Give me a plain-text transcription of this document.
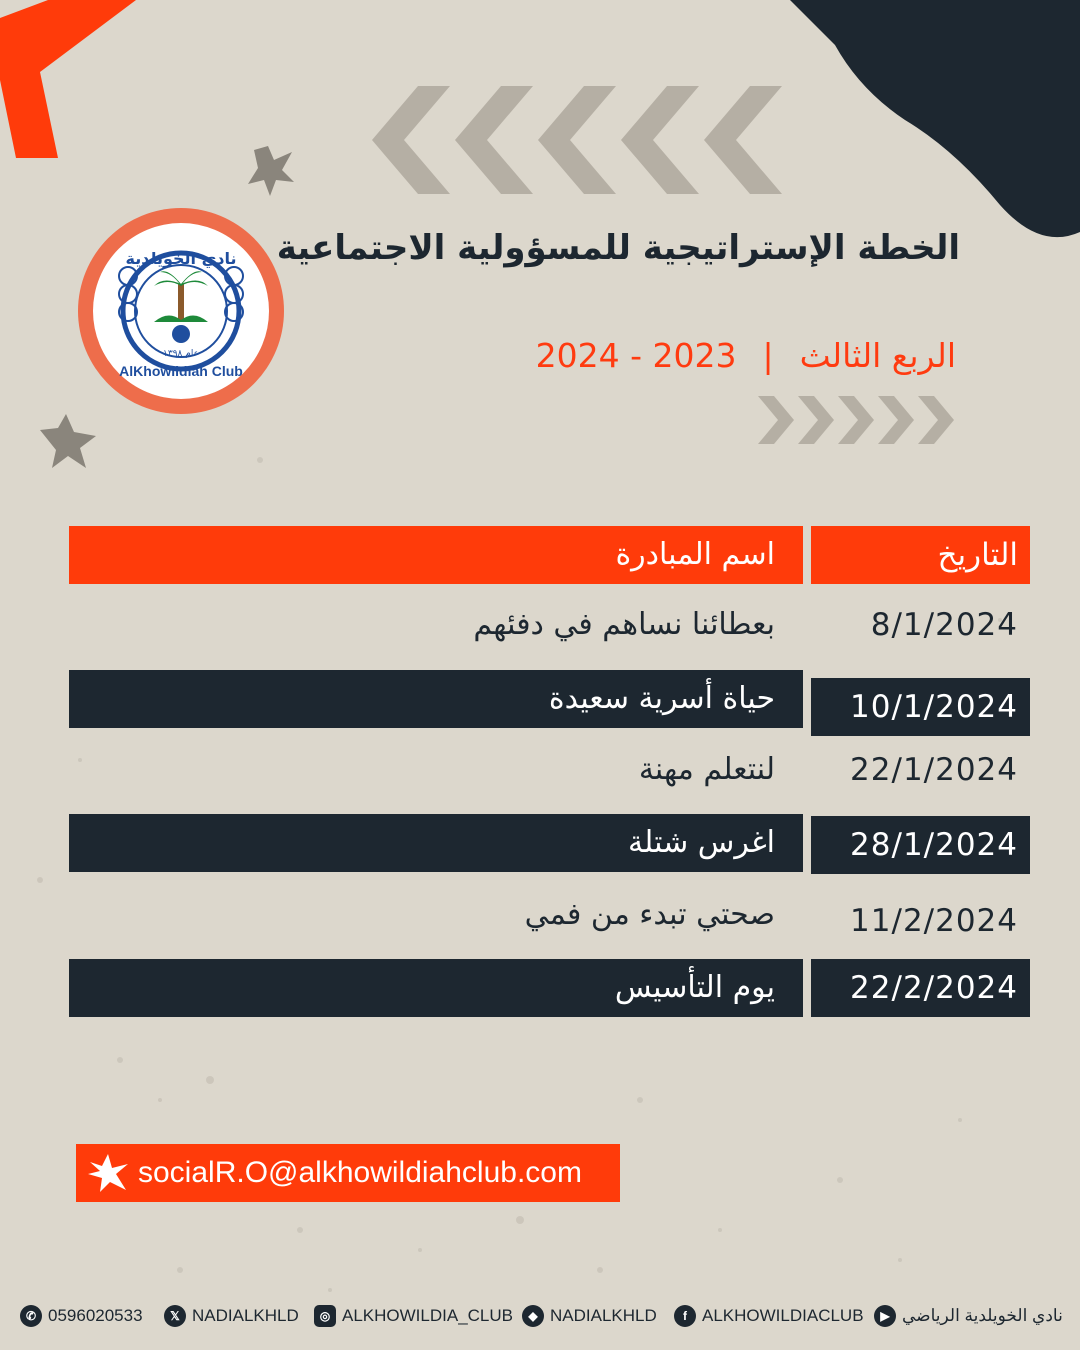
نادي الخويلدية
عام ١٣٩٨
AlKhowildiah Club
الخطة الإستراتيجية للمسؤولية الاجتماعية
الربع الثالث|2023 - 2024
اسم المبادرة	التاريخ
بعطائنا نساهم في دفئهم	8/1/2024
حياة أسرية سعيدة	10/1/2024
لنتعلم مهنة	22/1/2024
اغرس شتلة	28/1/2024
صحتي تبدء من فمي	11/2/2024
يوم التأسيس	22/2/2024
socialR.O@alkhowildiahclub.com
✆ 0596020533	𝕏 NADIALKHLD	◎ ALKHOWILDIA_CLUB	◆ NADIALKHLD	f ALKHOWILDIACLUB	▶ نادي الخويلدية الرياضي
